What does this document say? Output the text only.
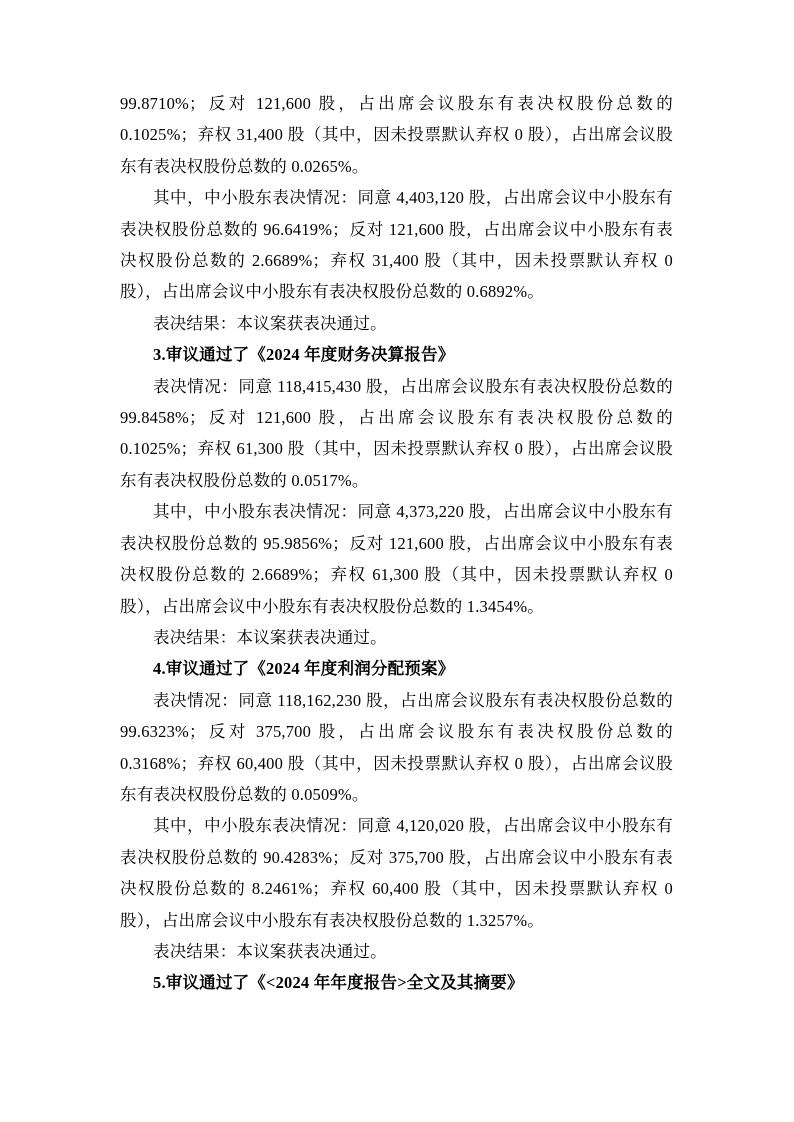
99.8710%；反对 121,600 股，占出席会议股东有表决权股份总数的 0.1025%；弃权 31,400 股（其中，因未投票默认弃权 0 股），占出席会议股东有表决权股份总数的 0.0265%。

其中，中小股东表决情况：同意 4,403,120 股，占出席会议中小股东有表决权股份总数的 96.6419%；反对 121,600 股，占出席会议中小股东有表决权股份总数的 2.6689%；弃权 31,400 股（其中，因未投票默认弃权 0 股），占出席会议中小股东有表决权股份总数的 0.6892%。

表决结果：本议案获表决通过。

3.审议通过了《2024 年度财务决算报告》

表决情况：同意 118,415,430 股，占出席会议股东有表决权股份总数的 99.8458%；反对 121,600 股，占出席会议股东有表决权股份总数的 0.1025%；弃权 61,300 股（其中，因未投票默认弃权 0 股），占出席会议股东有表决权股份总数的 0.0517%。

其中，中小股东表决情况：同意 4,373,220 股，占出席会议中小股东有表决权股份总数的 95.9856%；反对 121,600 股，占出席会议中小股东有表决权股份总数的 2.6689%；弃权 61,300 股（其中，因未投票默认弃权 0 股），占出席会议中小股东有表决权股份总数的 1.3454%。

表决结果：本议案获表决通过。

4.审议通过了《2024 年度利润分配预案》

表决情况：同意 118,162,230 股，占出席会议股东有表决权股份总数的 99.6323%；反对 375,700 股，占出席会议股东有表决权股份总数的 0.3168%；弃权 60,400 股（其中，因未投票默认弃权 0 股），占出席会议股东有表决权股份总数的 0.0509%。

其中，中小股东表决情况：同意 4,120,020 股，占出席会议中小股东有表决权股份总数的 90.4283%；反对 375,700 股，占出席会议中小股东有表决权股份总数的 8.2461%；弃权 60,400 股（其中，因未投票默认弃权 0 股），占出席会议中小股东有表决权股份总数的 1.3257%。

表决结果：本议案获表决通过。

5.审议通过了《<2024 年年度报告>全文及其摘要》
